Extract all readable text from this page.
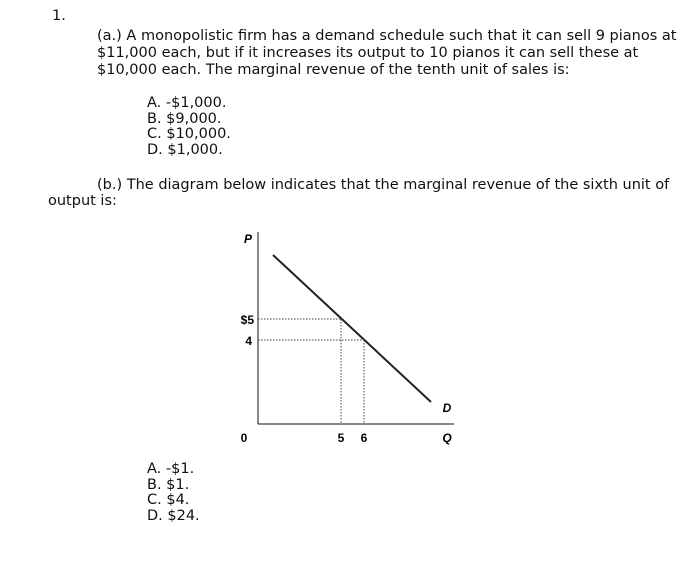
1.
(a.) A monopolistic firm has a demand schedule such that it can sell 9 pianos at
$11,000 each, but if it increases its output to 10 pianos it can sell these at
$10,000 each. The marginal revenue of the tenth unit of sales is:
A. -$1,000.
B. $9,000.
C. $10,000.
D. $1,000.
(b.) The diagram below indicates that the marginal revenue of the sixth unit of
output is:
P
Q
0
D
$5
4
5 6
A. -$1.
B. $1.
C. $4.
D. $24.
